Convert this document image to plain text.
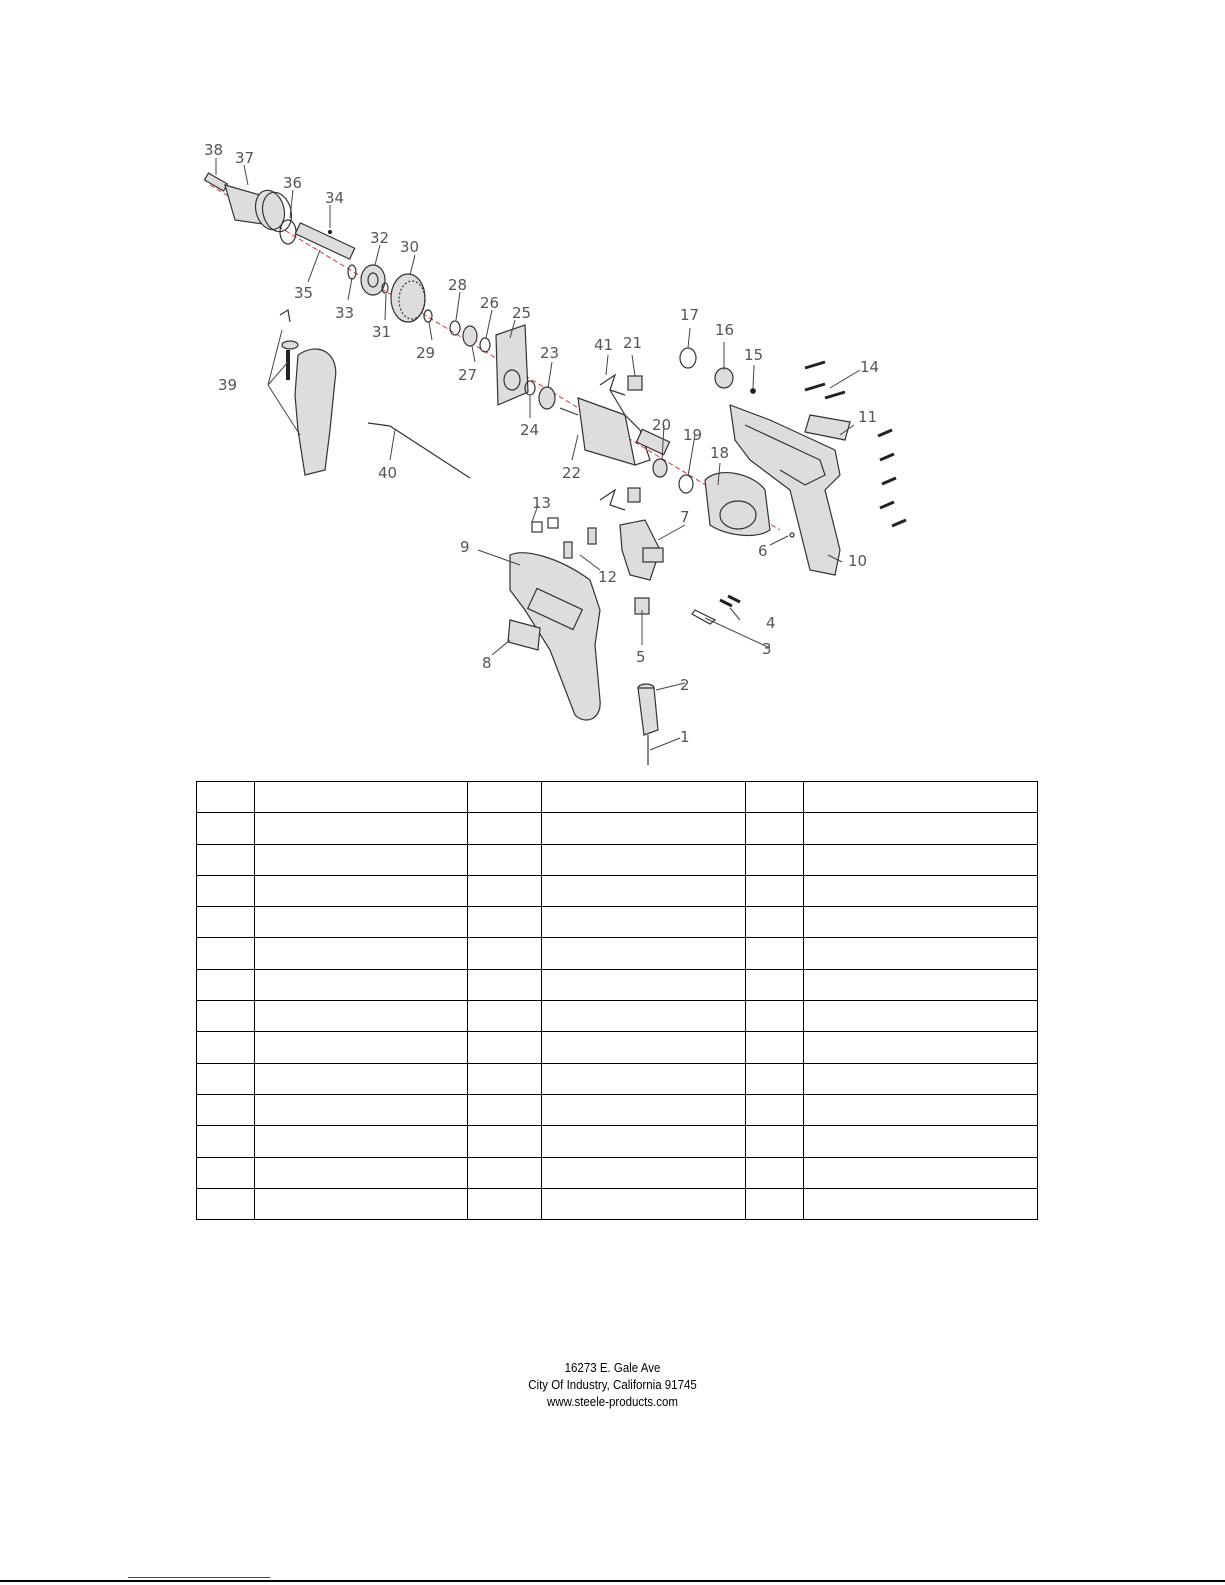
38 37
36
34
35
32 30
33
31
28
26
25
29
27
23
24
22
41 21
17
16
15
14
11
20
19
18
39
40
13
7
9
12
6
10
8	5
4
3
2
1

16273 E. Gale Ave
City Of Industry, California 91745
www.steele-products.com
